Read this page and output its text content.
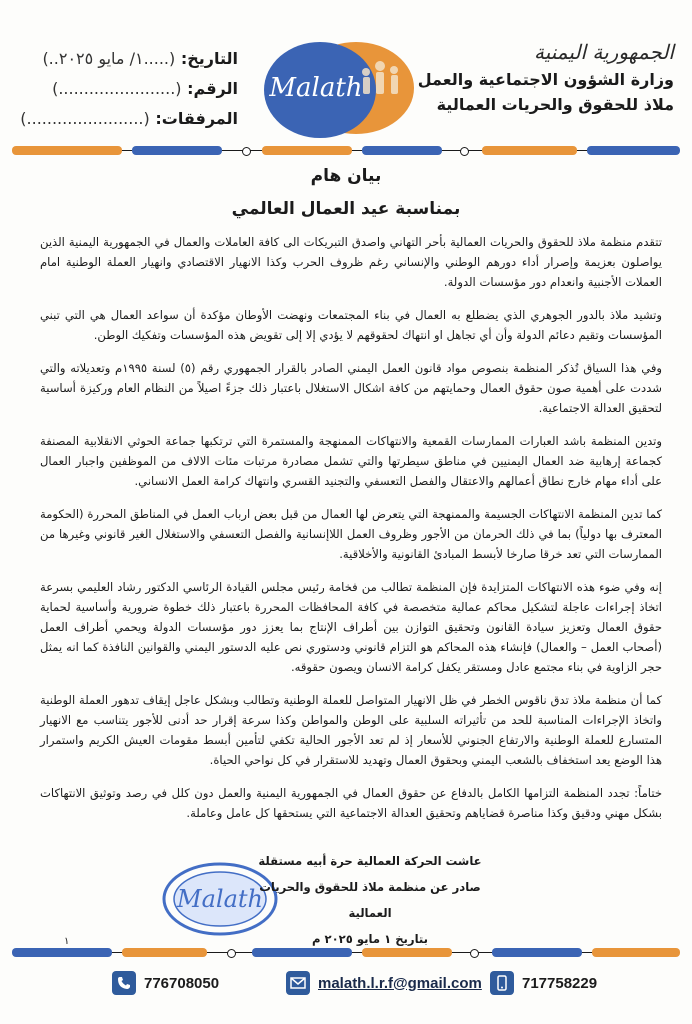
الجمهورية اليمنية
وزارة الشؤون الاجتماعية والعمل
ملاذ للحقوق والحريات العمالية
Malath
التاريخ: (.....١/ مايو ٢٠٢٥..)
الرقم: (.......................)
المرفقات: (.......................)
بيان هام
بمناسبة عيد العمال العالمي

تتقدم منظمة ملاذ للحقوق والحريات العمالية بأحر التهاني واصدق التبريكات الى كافة العاملات والعمال في الجمهورية اليمنية الذين يواصلون بعزيمة وإصرار أداء دورهم الوطني والإنساني رغم ظروف الحرب وكذا الانهيار الاقتصادي وانهيار العملة الوطنية امام العملات الأجنبية وانعدام دور مؤسسات الدولة.

وتشيد ملاذ بالدور الجوهري الذي يضطلع به العمال في بناء المجتمعات ونهضت الأوطان مؤكدة أن سواعد العمال هي التي تبني المؤسسات وتقيم دعائم الدولة وأن أي تجاهل او انتهاك لحقوقهم لا يؤدي إلا إلى تقويض هذه المؤسسات وتفكيك الوطن.

وفي هذا السياق تُذكر المنظمة بنصوص مواد قانون العمل اليمني الصادر بالقرار الجمهوري رقم (٥) لسنة ١٩٩٥م وتعديلاته والتي شددت على أهمية صون حقوق العمال وحمايتهم من كافة اشكال الاستغلال باعتبار ذلك جزءً اصيلاً من النظام العام وركيزة أساسية لتحقيق العدالة الاجتماعية.

وتدين المنظمة باشد العبارات الممارسات القمعية والانتهاكات الممنهجة والمستمرة التي ترتكبها جماعة الحوثي الانقلابية المصنفة كجماعة إرهابية ضد العمال اليمنيين في مناطق سيطرتها والتي تشمل مصادرة مرتبات مئات الالاف من الموظفين واجبار العمال على أداء مهام خارج نطاق أعمالهم والاعتقال والفصل التعسفي والتجنيد القسري وانتهاك كرامة العمل الانساني.

كما تدين المنظمة الانتهاكات الجسيمة والممنهجة التي يتعرض لها العمال من قبل بعض ارباب العمل في المناطق المحررة (الحكومة المعترف بها دولياً) بما في ذلك الحرمان من الأجور وظروف العمل اللاإنسانية والفصل التعسفي والاستغلال الغير قانوني وغيرها من الممارسات التي تعد خرقا صارخا لأبسط المبادئ القانونية والأخلاقية.

إنه وفي ضوء هذه الانتهاكات المتزايدة فإن المنظمة تطالب من فخامة رئيس مجلس القيادة الرئاسي الدكتور رشاد العليمي بسرعة اتخاذ إجراءات عاجلة لتشكيل محاكم عمالية متخصصة في كافة المحافظات المحررة باعتبار ذلك خطوة ضرورية وأساسية لحماية حقوق العمال وتعزيز سيادة القانون وتحقيق التوازن بين أطراف الإنتاج بما يعزز دور مؤسسات الدولة ويحمي أطراف العمل (أصحاب العمل – والعمال) فإنشاء هذه المحاكم هو التزام قانوني ودستوري نص عليه الدستور اليمني والقوانين النافذة كما انه يمثل حجر الزاوية في بناء مجتمع عادل ومستقر يكفل كرامة الانسان ويصون حقوقه.

كما أن منظمة ملاذ تدق ناقوس الخطر في ظل الانهيار المتواصل للعملة الوطنية وتطالب وبشكل عاجل إيقاف تدهور العملة الوطنية واتخاذ الإجراءات المناسبة للحد من تأثيراته السلبية على الوطن والمواطن وكذا سرعة إقرار حد أدنى للأجور يتناسب مع الانهيار المتسارع للعملة الوطنية والارتفاع الجنوني للأسعار إذ لم تعد الأجور الحالية تكفي لتأمين أبسط مقومات العيش الكريم واستمرار هذا الوضع يعد استخفاف بالشعب اليمني وبحقوق العمال وتهديد للاستقرار في كل نواحي الحياة.

ختاماً: تجدد المنظمة التزامها الكامل بالدفاع عن حقوق العمال في الجمهورية اليمنية والعمل دون كلل في رصد وتوثيق الانتهاكات بشكل مهني ودقيق وكذا مناصرة قضاياهم وتحقيق العدالة الاجتماعية التي يستحقها كل عامل وعاملة.

Malath
عاشت الحركة العمالية حرة أبيه مستقلة
صادر عن منظمة ملاذ للحقوق والحريات العمالية
بتاريخ ١ مايو ٢٠٢٥ م
١
776708050	malath.l.r.f@gmail.com	717758229
